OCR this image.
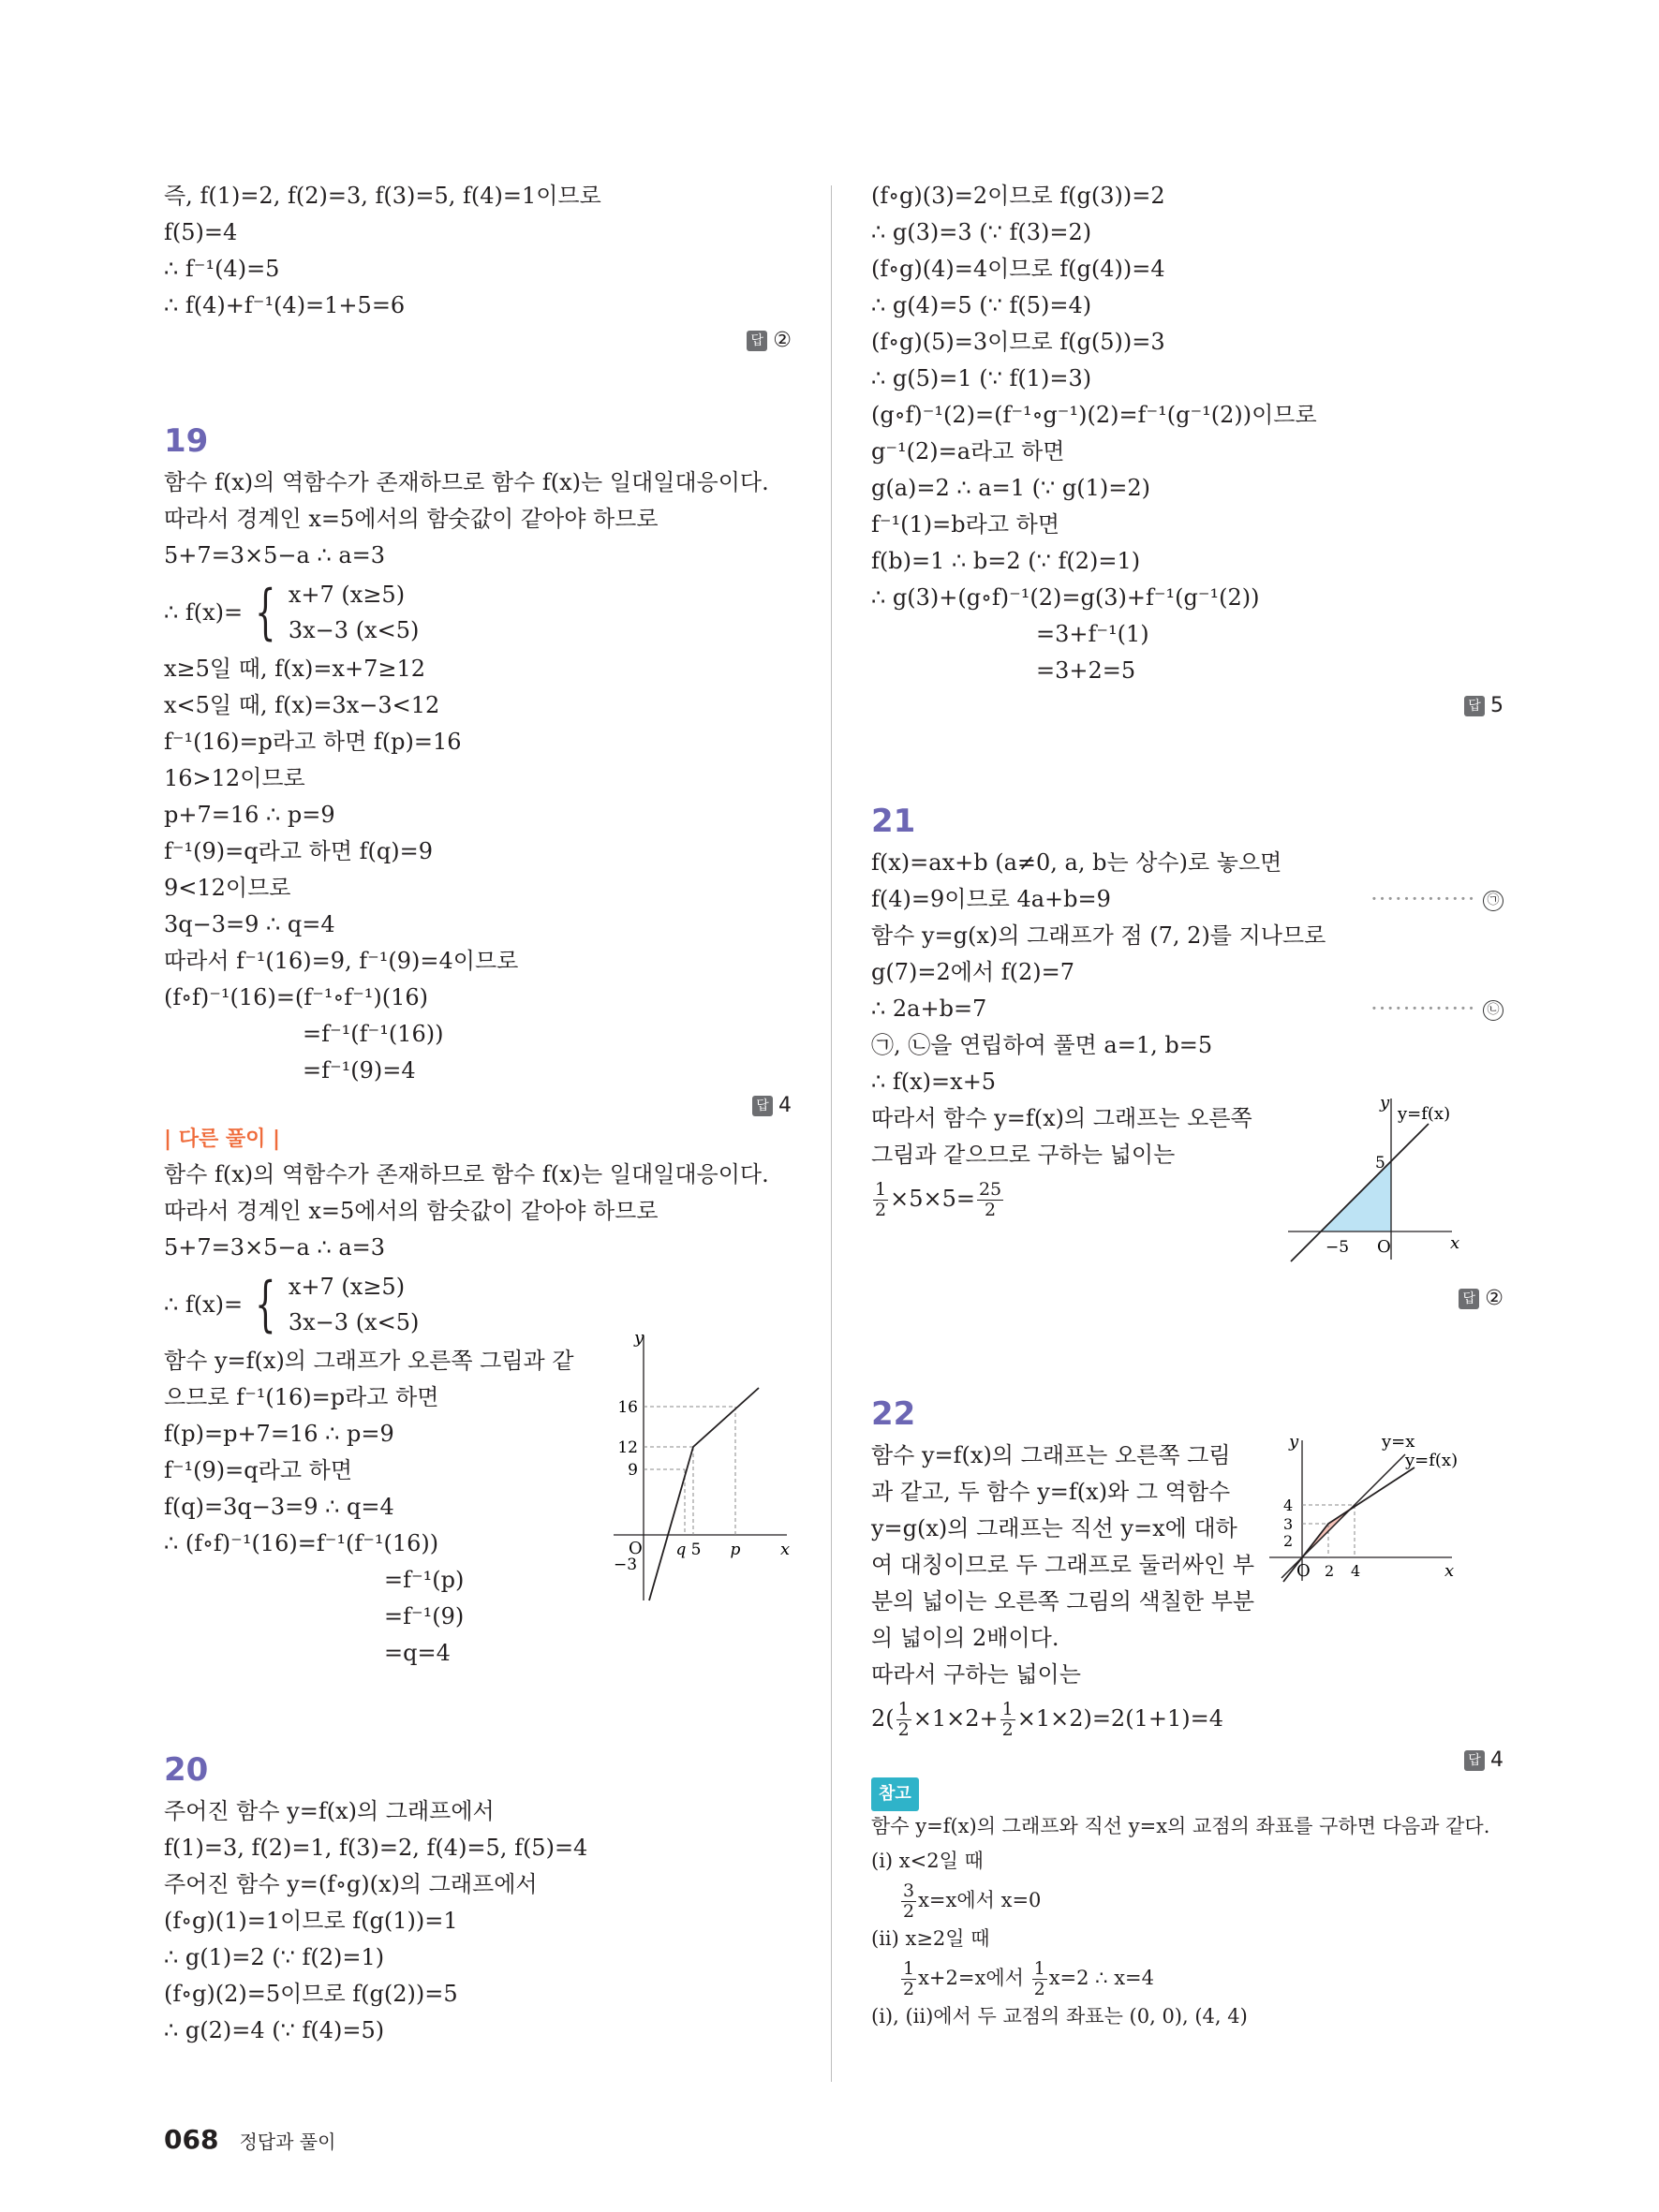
즉, f(1)=2, f(2)=3, f(3)=5, f(4)=1이므로
f(5)=4
∴ f⁻¹(4)=5
∴ f(4)+f⁻¹(4)=1+5=6
답 ②
19
함수 f(x)의 역함수가 존재하므로 함수 f(x)는 일대일대응이다.
따라서 경계인 x=5에서의 함숫값이 같아야 하므로
5+7=3×5−a ∴ a=3
∴ f(x)= { x+7 (x≥5)
3x−3 (x<5)
x≥5일 때, f(x)=x+7≥12
x<5일 때, f(x)=3x−3<12
f⁻¹(16)=p라고 하면 f(p)=16
16>12이므로
p+7=16 ∴ p=9
f⁻¹(9)=q라고 하면 f(q)=9
9<12이므로
3q−3=9 ∴ q=4
따라서 f⁻¹(16)=9, f⁻¹(9)=4이므로
(f∘f)⁻¹(16)=(f⁻¹∘f⁻¹)(16)
=f⁻¹(f⁻¹(16))
=f⁻¹(9)=4
답 4
| 다른 풀이 |
함수 f(x)의 역함수가 존재하므로 함수 f(x)는 일대일대응이다.
따라서 경계인 x=5에서의 함숫값이 같아야 하므로
5+7=3×5−a ∴ a=3
∴ f(x)= { x+7 (x≥5)
3x−3 (x<5)
함수 y=f(x)의 그래프가 오른쪽 그림과 같
으므로 f⁻¹(16)=p라고 하면
f(p)=p+7=16 ∴ p=9
f⁻¹(9)=q라고 하면
f(q)=3q−3=9 ∴ q=4
∴ (f∘f)⁻¹(16)=f⁻¹(f⁻¹(16))
=f⁻¹(p)
=f⁻¹(9)
=q=4
y
x
O
16
12
9
q 5 p
−3
20
주어진 함수 y=f(x)의 그래프에서
f(1)=3, f(2)=1, f(3)=2, f(4)=5, f(5)=4
주어진 함수 y=(f∘g)(x)의 그래프에서
(f∘g)(1)=1이므로 f(g(1))=1
∴ g(1)=2 (∵ f(2)=1)
(f∘g)(2)=5이므로 f(g(2))=5
∴ g(2)=4 (∵ f(4)=5)
(f∘g)(3)=2이므로 f(g(3))=2
∴ g(3)=3 (∵ f(3)=2)
(f∘g)(4)=4이므로 f(g(4))=4
∴ g(4)=5 (∵ f(5)=4)
(f∘g)(5)=3이므로 f(g(5))=3
∴ g(5)=1 (∵ f(1)=3)
(g∘f)⁻¹(2)=(f⁻¹∘g⁻¹)(2)=f⁻¹(g⁻¹(2))이므로
g⁻¹(2)=a라고 하면
g(a)=2 ∴ a=1 (∵ g(1)=2)
f⁻¹(1)=b라고 하면
f(b)=1 ∴ b=2 (∵ f(2)=1)
∴ g(3)+(g∘f)⁻¹(2)=g(3)+f⁻¹(g⁻¹(2))
=3+f⁻¹(1)
=3+2=5
답 5
21
f(x)=ax+b (a≠0, a, b는 상수)로 놓으면
f(4)=9이므로 4a+b=9	············· ㉠
함수 y=g(x)의 그래프가 점 (7, 2)를 지나므로
g(7)=2에서 f(2)=7
∴ 2a+b=7	············· ㉡
㉠, ㉡을 연립하여 풀면 a=1, b=5
∴ f(x)=x+5
따라서 함수 y=f(x)의 그래프는 오른쪽
그림과 같으므로 구하는 넓이는
$\frac{1}{2} \times 5\times 5= \frac{25}{2}$
y
x
O
y=f(x)
5
−5
답 ②
22
함수 y=f(x)의 그래프는 오른쪽 그림
과 같고, 두 함수 y=f(x)와 그 역함수
y=g(x)의 그래프는 직선 y=x에 대하
여 대칭이므로 두 그래프로 둘러싸인 부
분의 넓이는 오른쪽 그림의 색칠한 부분
의 넓이의 2배이다.
y
x
O
y=x
y=f(x)
4
3
2
2 4
따라서 구하는 넓이는
$2( \frac{1}{2} \times 1\times 2+ \frac{1}{2} \times 1\times 2)=2(1+1)=4$
답 4
참고
함수 y=f(x)의 그래프와 직선 y=x의 교점의 좌표를 구하면 다음과 같다.
(i) x<2일 때
$\frac{3}{2} x=x$에서 x=0
(ii) x≥2일 때
$\frac{1}{2} x+2=x$에서 $\frac{1}{2} x=2$ ∴ x=4
(i), (ii)에서 두 교점의 좌표는 (0, 0), (4, 4)
068 정답과 풀이
